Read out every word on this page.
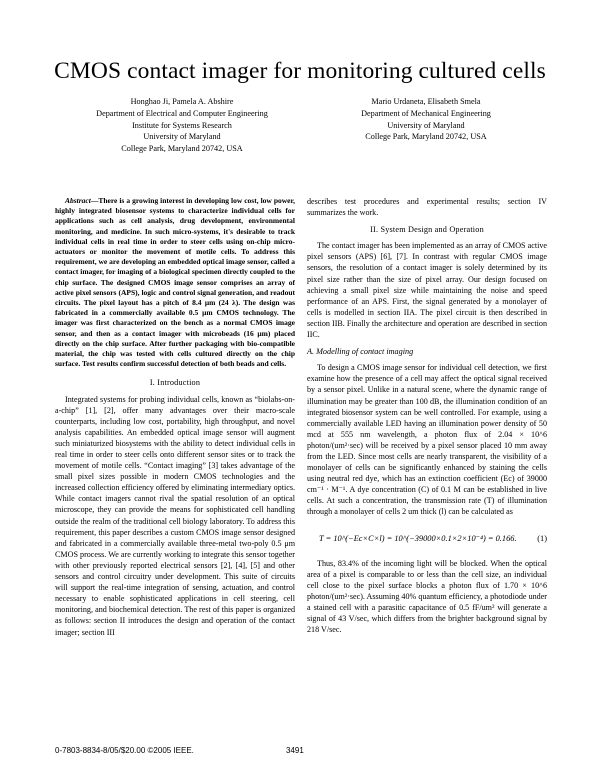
CMOS contact imager for monitoring cultured cells
Honghao Ji, Pamela A. Abshire
Department of Electrical and Computer Engineering
Institute for Systems Research
University of Maryland
College Park, Maryland 20742, USA
Mario Urdaneta, Elisabeth Smela
Department of Mechanical Engineering
University of Maryland
College Park, Maryland 20742, USA

Abstract—There is a growing interest in developing low cost, low power, highly integrated biosensor systems to characterize individual cells for applications such as cell analysis, drug development, environmental monitoring, and medicine. In such micro-systems, it's desirable to track individual cells in real time in order to steer cells using on-chip micro-actuators or monitor the movement of motile cells. To address this requirement, we are developing an embedded optical image sensor, called a contact imager, for imaging of a biological specimen directly coupled to the chip surface. The designed CMOS image sensor comprises an array of active pixel sensors (APS), logic and control signal generation, and readout circuits. The pixel layout has a pitch of 8.4 μm (24 λ). The design was fabricated in a commercially available 0.5 μm CMOS technology. The imager was first characterized on the bench as a normal CMOS image sensor, and then as a contact imager with microbeads (16 μm) placed directly on the chip surface. After further packaging with bio-compatible material, the chip was tested with cells cultured directly on the chip surface. Test results confirm successful detection of both beads and cells.

I. Introduction

Integrated systems for probing individual cells, known as “biolabs-on-a-chip” [1], [2], offer many advantages over their macro-scale counterparts, including low cost, portability, high throughput, and novel analysis capabilities. An embedded optical image sensor will augment such miniaturized biosystems with the ability to detect individual cells in real time in order to steer cells onto different sensor sites or to track the movement of motile cells. “Contact imaging” [3] takes advantage of the small pixel sizes possible in modern CMOS technologies and the increased collection efficiency offered by eliminating intermediary optics. While contact imagers cannot rival the spatial resolution of an optical microscope, they can provide the means for sophisticated cell handling outside the realm of the traditional cell biology laboratory. To address this requirement, this paper describes a custom CMOS image sensor designed and fabricated in a commercially available three-metal two-poly 0.5 μm CMOS process. We are currently working to integrate this sensor together with other previously reported electrical sensors [2], [4], [5] and other sensors and control circuitry under development. This suite of circuits will support the real-time integration of sensing, actuation, and control necessary to enable sophisticated applications in cell steering, cell monitoring, and biochemical detection. The rest of this paper is organized as follows: section II introduces the design and operation of the contact imager; section III

describes test procedures and experimental results; section IV summarizes the work.

II. System Design and Operation

The contact imager has been implemented as an array of CMOS active pixel sensors (APS) [6], [7]. In contrast with regular CMOS image sensors, the resolution of a contact imager is solely determined by its pixel size rather than the size of pixel array. Our design focused on achieving a small pixel size while maintaining the noise and speed performance of an APS. First, the signal generated by a monolayer of cells is modelled in section IIA. The pixel circuit is then described in section IIB. Finally the architecture and operation are described in section IIC.

A. Modelling of contact imaging

To design a CMOS image sensor for individual cell detection, we first examine how the presence of a cell may affect the optical signal received by a sensor pixel. Unlike in a natural scene, where the dynamic range of illumination may be greater than 100 dB, the illumination condition of an integrated biosensor system can be well controlled. For example, using a commercially available LED having an illumination power density of 50 mcd at 555 nm wavelength, a photon flux of 2.04 × 10^6 photon/(um²·sec) will be received by a pixel sensor placed 10 mm away from the LED. Since most cells are nearly transparent, the visibility of a monolayer of cells can be significantly enhanced by staining the cells using neutral red dye, which has an extinction coefficient (Ec) of 39000 cm⁻¹ · M⁻¹. A dye concentration (C) of 0.1 M can be established in live cells. At such a concentration, the transmission rate (T) of illumination through a monolayer of cells 2 um thick (l) can be calculated as

T = 10^(−Ec×C×l) = 10^(−39000×0.1×2×10⁻⁴) = 0.166. (1)

Thus, 83.4% of the incoming light will be blocked. When the optical area of a pixel is comparable to or less than the cell size, an individual cell close to the pixel surface blocks a photon flux of 1.70 × 10^6 photon/(um²·sec). Assuming 40% quantum efficiency, a photodiode under a stained cell with a parasitic capacitance of 0.5 fF/um² will generate a signal of 43 V/sec, which differs from the brighter background signal by 218 V/sec.

0-7803-8834-8/05/$20.00 ©2005 IEEE.	3491
